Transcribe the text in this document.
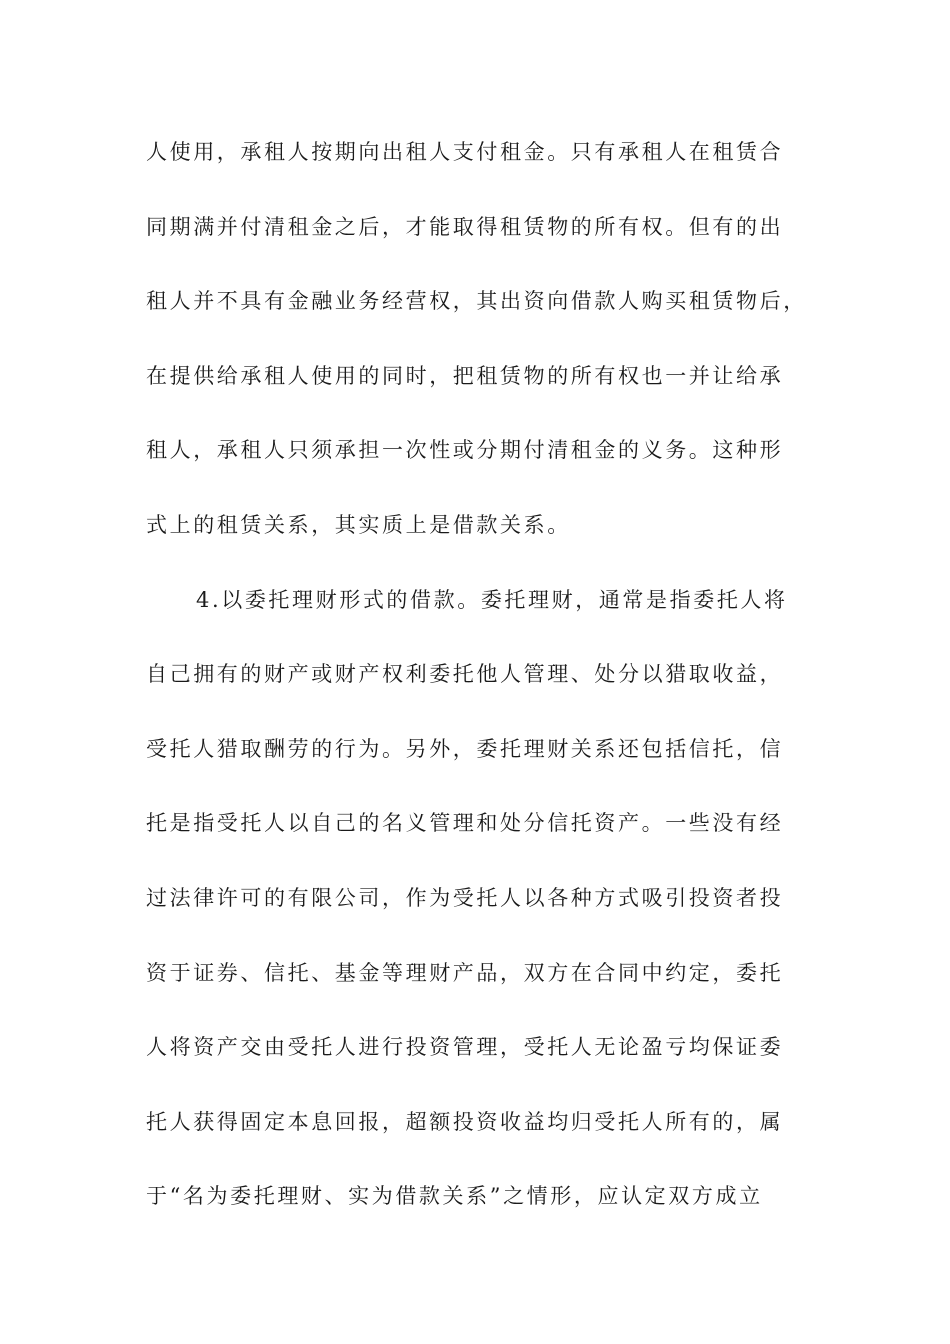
人使用，承租人按期向出租人支付租金。只有承租人在租赁合
同期满并付清租金之后，才能取得租赁物的所有权。但有的出
租人并不具有金融业务经营权，其出资向借款人购买租赁物后，
在提供给承租人使用的同时，把租赁物的所有权也一并让给承
租人，承租人只须承担一次性或分期付清租金的义务。这种形
式上的租赁关系，其实质上是借款关系。
4.以委托理财形式的借款。委托理财，通常是指委托人将
自己拥有的财产或财产权利委托他人管理、处分以猎取收益，
受托人猎取酬劳的行为。另外，委托理财关系还包括信托，信
托是指受托人以自己的名义管理和处分信托资产。一些没有经
过法律许可的有限公司，作为受托人以各种方式吸引投资者投
资于证券、信托、基金等理财产品，双方在合同中约定，委托
人将资产交由受托人进行投资管理，受托人无论盈亏均保证委
托人获得固定本息回报，超额投资收益均归受托人所有的，属
于“名为委托理财、实为借款关系”之情形，应认定双方成立
